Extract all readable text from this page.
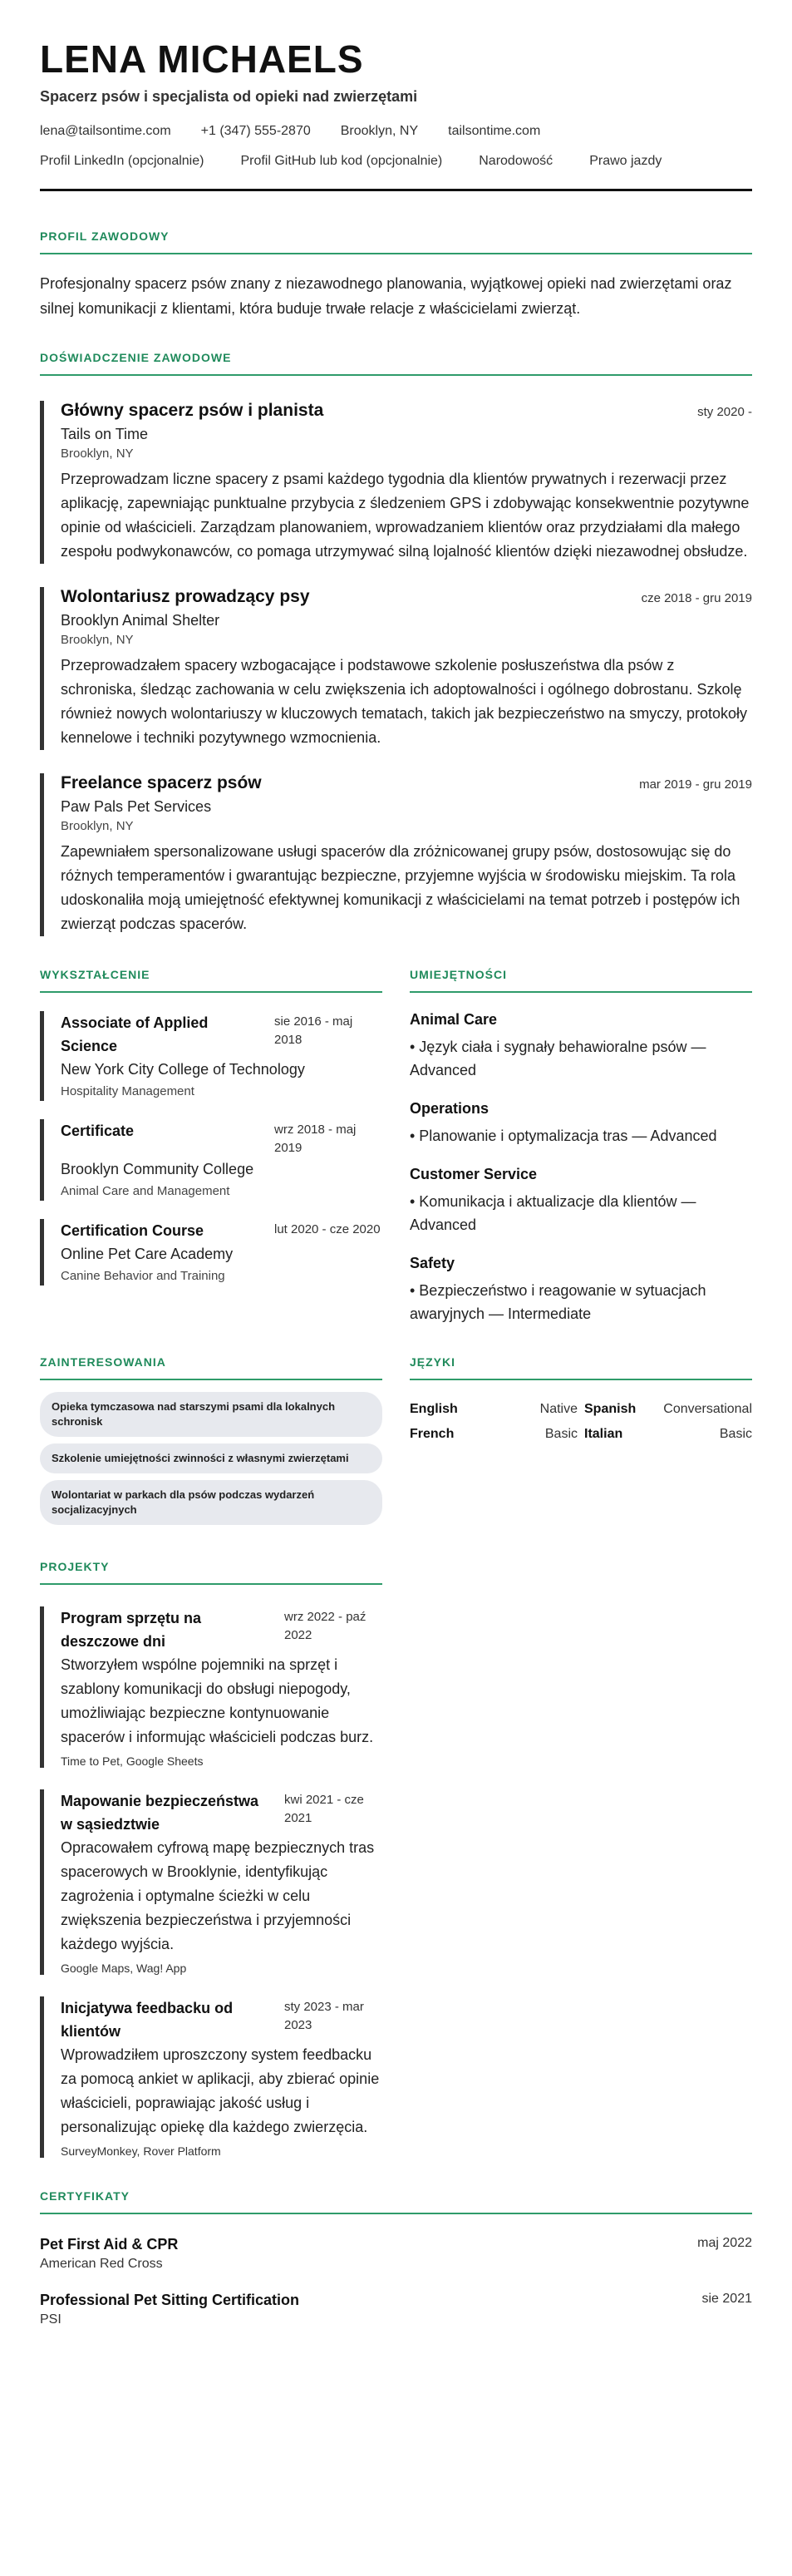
LENA MICHAELS
Spacerz psów i specjalista od opieki nad zwierzętami
lena@tailsontime.com +1 (347) 555-2870 Brooklyn, NY tailsontime.com
Profil LinkedIn (opcjonalnie)	Profil GitHub lub kod (opcjonalnie)	Narodowość	Prawo jazdy
PROFIL ZAWODOWY
Profesjonalny spacerz psów znany z niezawodnego planowania, wyjątkowej opieki nad zwierzętami oraz silnej komunikacji z klientami, która buduje trwałe relacje z właścicielami zwierząt.
DOŚWIADCZENIE ZAWODOWE
Główny spacerz psów i planista	sty 2020 -
Tails on Time
Brooklyn, NY
Przeprowadzam liczne spacery z psami każdego tygodnia dla klientów prywatnych i rezerwacji przez aplikację, zapewniając punktualne przybycia z śledzeniem GPS i zdobywając konsekwentnie pozytywne opinie od właścicieli. Zarządzam planowaniem, wprowadzaniem klientów oraz przydziałami dla małego zespołu podwykonawców, co pomaga utrzymywać silną lojalność klientów dzięki niezawodnej obsłudze.
Wolontariusz prowadzący psy	cze 2018 - gru 2019
Brooklyn Animal Shelter
Brooklyn, NY
Przeprowadzałem spacery wzbogacające i podstawowe szkolenie posłuszeństwa dla psów z schroniska, śledząc zachowania w celu zwiększenia ich adoptowalności i ogólnego dobrostanu. Szkolę również nowych wolontariuszy w kluczowych tematach, takich jak bezpieczeństwo na smyczy, protokoły kennelowe i techniki pozytywnego wzmocnienia.
Freelance spacerz psów	mar 2019 - gru 2019
Paw Pals Pet Services
Brooklyn, NY
Zapewniałem spersonalizowane usługi spacerów dla zróżnicowanej grupy psów, dostosowując się do różnych temperamentów i gwarantując bezpieczne, przyjemne wyjścia w środowisku miejskim. Ta rola udoskonaliła moją umiejętność efektywnej komunikacji z właścicielami na temat potrzeb i postępów ich zwierząt podczas spacerów.
WYKSZTAŁCENIE
Associate of Applied Science
sie 2016 - maj 2018
New York City College of Technology
Hospitality Management
Certificate	wrz 2018 - maj 2019
Brooklyn Community College
Animal Care and Management
Certification Course	lut 2020 - cze 2020
Online Pet Care Academy
Canine Behavior and Training
UMIEJĘTNOŚCI
Animal Care
• Język ciała i sygnały behawioralne psów — Advanced
Operations
• Planowanie i optymalizacja tras — Advanced
Customer Service
• Komunikacja i aktualizacje dla klientów — Advanced
Safety
• Bezpieczeństwo i reagowanie w sytuacjach awaryjnych — Intermediate
ZAINTERESOWANIA
Opieka tymczasowa nad starszymi psami dla lokalnych schronisk
Szkolenie umiejętności zwinności z własnymi zwierzętami
Wolontariat w parkach dla psów podczas wydarzeń socjalizacyjnych
JĘZYKI
English	Native Spanish Conversational
French	Basic Italian	Basic
PROJEKTY
Program sprzętu na deszczowe dni
wrz 2022 - paź 2022
Stworzyłem wspólne pojemniki na sprzęt i szablony komunikacji do obsługi niepogody, umożliwiając bezpieczne kontynuowanie spacerów i informując właścicieli podczas burz.
Time to Pet, Google Sheets
Mapowanie bezpieczeństwa w sąsiedztwie
kwi 2021 - cze 2021
Opracowałem cyfrową mapę bezpiecznych tras spacerowych w Brooklynie, identyfikując zagrożenia i optymalne ścieżki w celu zwiększenia bezpieczeństwa i przyjemności każdego wyjścia.
Google Maps, Wag! App
Inicjatywa feedbacku od klientów
sty 2023 - mar 2023
Wprowadziłem uproszczony system feedbacku za pomocą ankiet w aplikacji, aby zbierać opinie właścicieli, poprawiając jakość usług i personalizując opiekę dla każdego zwierzęcia.
SurveyMonkey, Rover Platform
CERTYFIKATY
Pet First Aid & CPR
American Red Cross
maj 2022
Professional Pet Sitting Certification
PSI
sie 2021
